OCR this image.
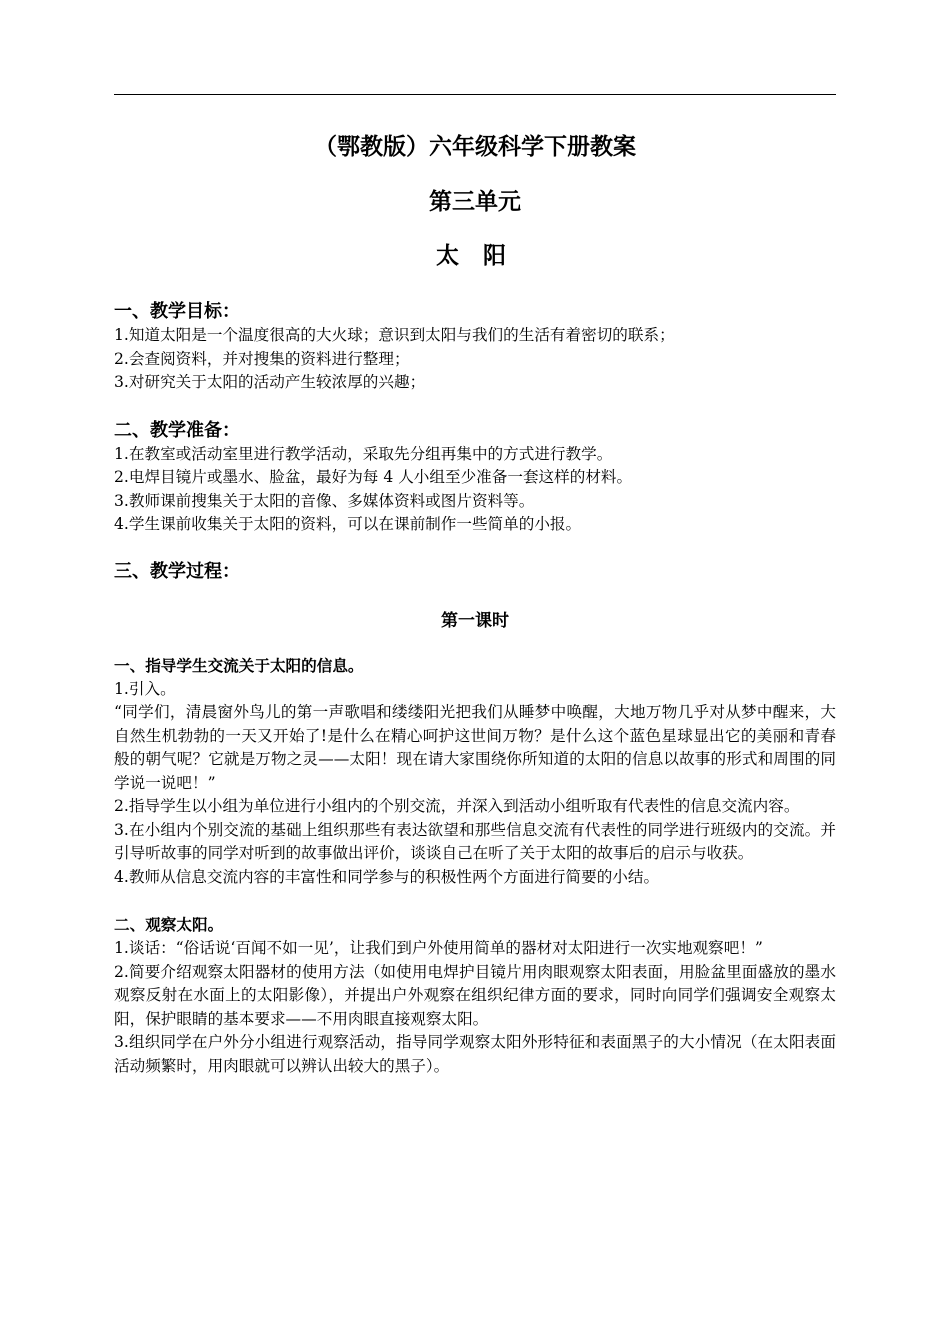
（鄂教版）六年级科学下册教案
第三单元
太 阳
一、教学目标：

1.知道太阳是一个温度很高的大火球；意识到太阳与我们的生活有着密切的联系；

2.会查阅资料，并对搜集的资料进行整理；

3.对研究关于太阳的活动产生较浓厚的兴趣；

二、教学准备：

1.在教室或活动室里进行教学活动，采取先分组再集中的方式进行教学。

2.电焊目镜片或墨水、脸盆，最好为每 4 人小组至少准备一套这样的材料。

3.教师课前搜集关于太阳的音像、多媒体资料或图片资料等。

4.学生课前收集关于太阳的资料，可以在课前制作一些简单的小报。

三、教学过程：
第一课时
一、指导学生交流关于太阳的信息。

1.引入。

“同学们，清晨窗外鸟儿的第一声歌唱和缕缕阳光把我们从睡梦中唤醒，大地万物几乎对从梦中醒来，大自然生机勃勃的一天又开始了!是什么在精心呵护这世间万物？是什么这个蓝色星球显出它的美丽和青春般的朝气呢？它就是万物之灵——太阳！现在请大家围绕你所知道的太阳的信息以故事的形式和周围的同学说一说吧！”

2.指导学生以小组为单位进行小组内的个别交流，并深入到活动小组听取有代表性的信息交流内容。

3.在小组内个别交流的基础上组织那些有表达欲望和那些信息交流有代表性的同学进行班级内的交流。并引导听故事的同学对听到的故事做出评价，谈谈自己在听了关于太阳的故事后的启示与收获。

4.教师从信息交流内容的丰富性和同学参与的积极性两个方面进行简要的小结。

二、观察太阳。

1.谈话：“俗话说‘百闻不如一见’，让我们到户外使用简单的器材对太阳进行一次实地观察吧！”

2.简要介绍观察太阳器材的使用方法（如使用电焊护目镜片用肉眼观察太阳表面，用脸盆里面盛放的墨水观察反射在水面上的太阳影像），并提出户外观察在组织纪律方面的要求，同时向同学们强调安全观察太阳，保护眼睛的基本要求——不用肉眼直接观察太阳。

3.组织同学在户外分小组进行观察活动，指导同学观察太阳外形特征和表面黑子的大小情况（在太阳表面活动频繁时，用肉眼就可以辨认出较大的黑子）。
